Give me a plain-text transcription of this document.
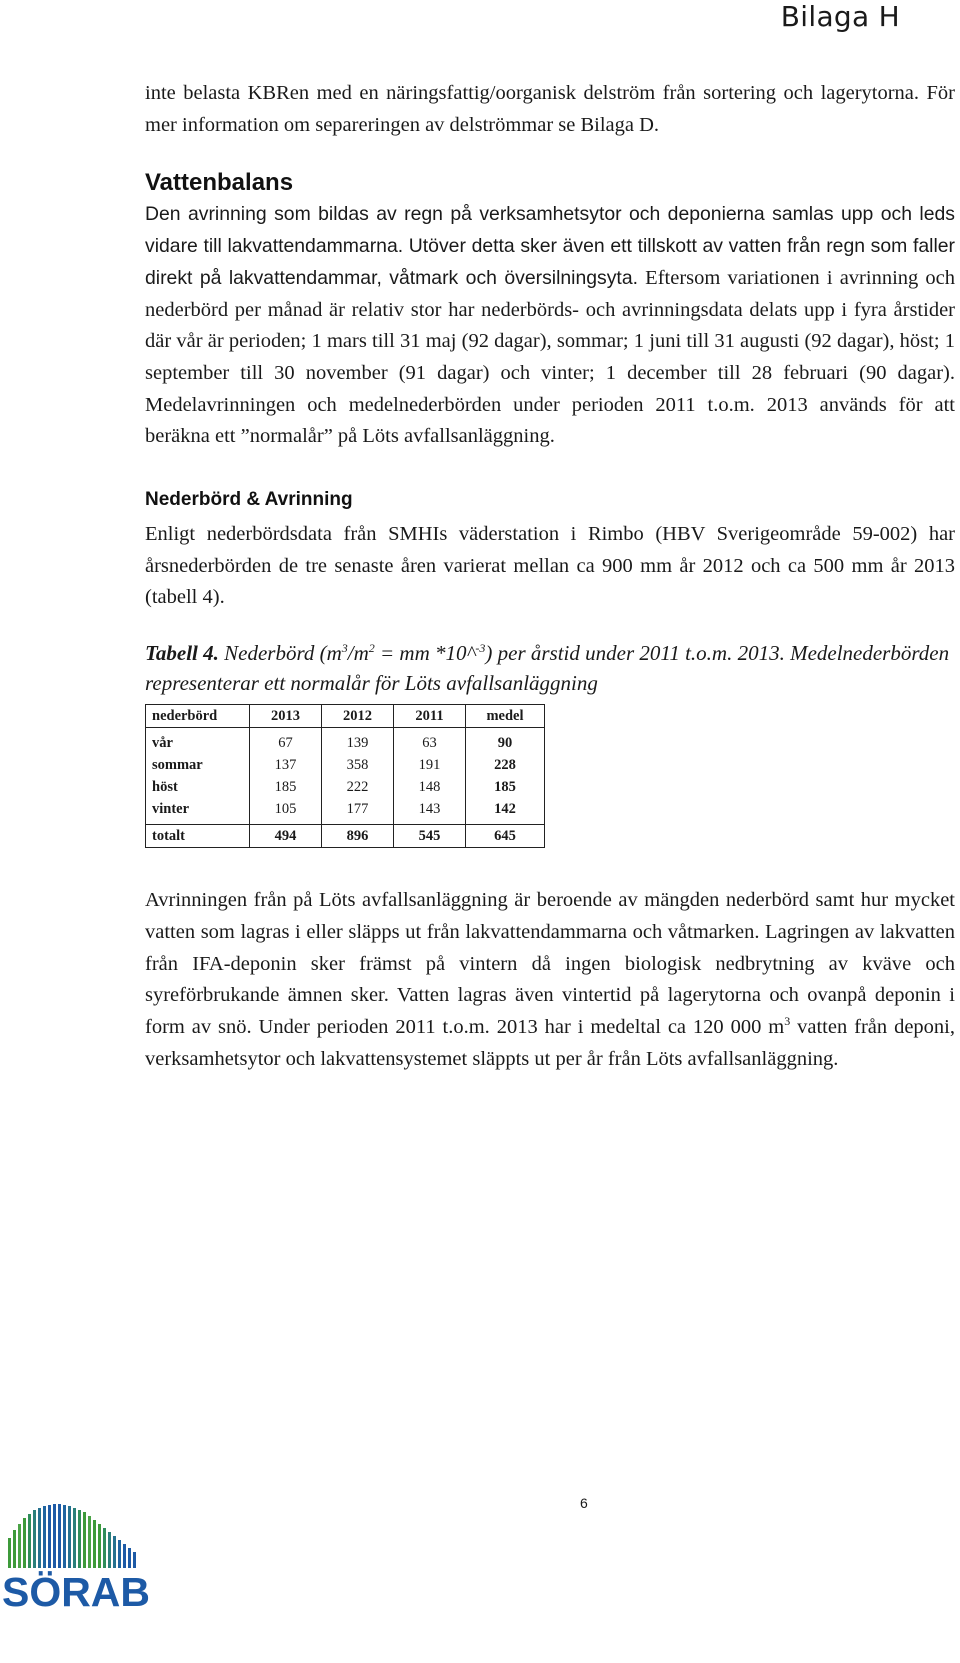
Bilaga H

inte belasta KBRen med en näringsfattig/oorganisk delström från sortering och lagerytorna. För mer information om separeringen av delströmmar se Bilaga D.

Vattenbalans

Den avrinning som bildas av regn på verksamhetsytor och deponierna samlas upp och leds vidare till lakvattendammarna. Utöver detta sker även ett tillskott av vatten från regn som faller direkt på lakvattendammar, våtmark och översilningsyta. Eftersom variationen i avrinning och nederbörd per månad är relativ stor har nederbörds- och avrinningsdata delats upp i fyra årstider där vår är perioden; 1 mars till 31 maj (92 dagar), sommar; 1 juni till 31 augusti (92 dagar), höst; 1 september till 30 november (91 dagar) och vinter; 1 december till 28 februari (90 dagar). Medelavrinningen och medelnederbörden under perioden 2011 t.o.m. 2013 används för att beräkna ett ”normalår” på Löts avfallsanläggning.

Nederbörd & Avrinning

Enligt nederbördsdata från SMHIs väderstation i Rimbo (HBV Sverigeområde 59-002) har årsnederbörden de tre senaste åren varierat mellan ca 900 mm år 2012 och ca 500 mm år 2013 (tabell 4).

Tabell 4. Nederbörd ($m^3/m^2$ = mm *10^$^{-3}$) per årstid under 2011 t.o.m. 2013. Medelnederbörden representerar ett normalår för Löts avfallsanläggning
nederbörd	2013	2012	2011	medel

vår	67	139	63	90
sommar	137	358	191	228
höst	185	222	148	185
vinter	105	177	143	142

totalt	494	896	545	645

Avrinningen från på Löts avfallsanläggning är beroende av mängden nederbörd samt hur mycket vatten som lagras i eller släpps ut från lakvattendammarna och våtmarken. Lagringen av lakvatten från IFA-deponin sker främst på vintern då ingen biologisk nedbrytning av kväve och syreförbrukande ämnen sker. Vatten lagras även vintertid på lagerytorna och ovanpå deponin i form av snö. Under perioden 2011 t.o.m. 2013 har i medeltal ca 120 000 $m^3$ vatten från deponi, verksamhetsytor och lakvattensystemet släppts ut per år från Löts avfallsanläggning.

6
SÖRAB
